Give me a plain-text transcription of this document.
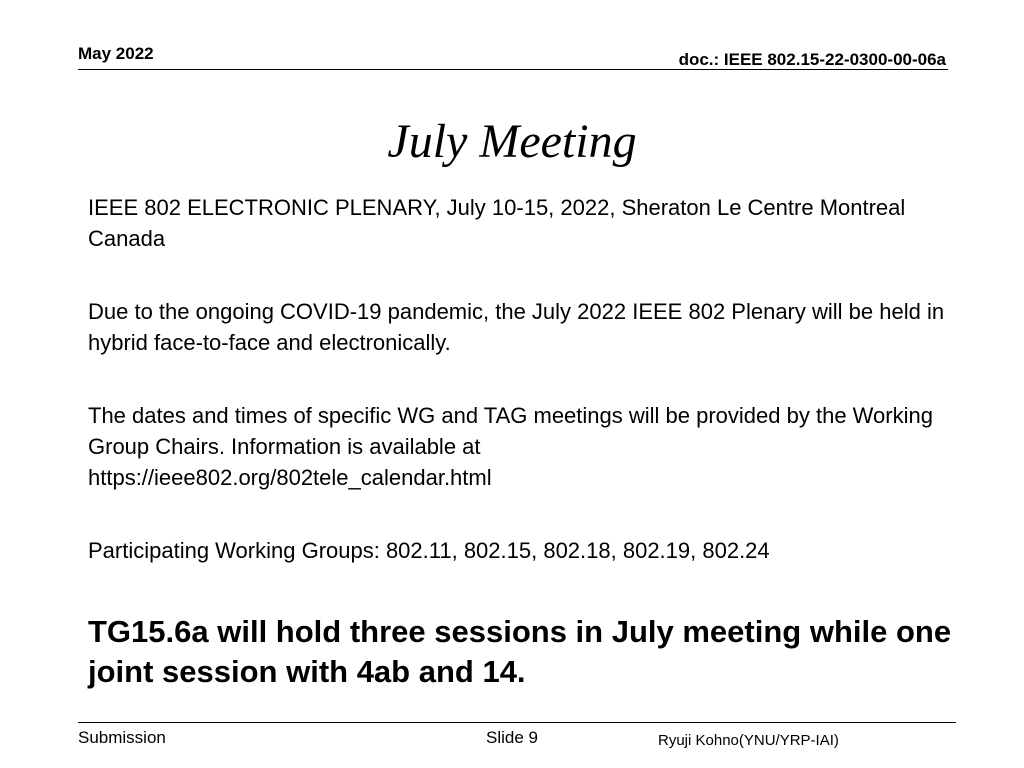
May 2022	doc.: IEEE 802.15-22-0300-00-06a
July Meeting
IEEE 802 ELECTRONIC PLENARY, July 10-15, 2022, Sheraton Le Centre Montreal Canada
Due to the ongoing COVID-19 pandemic, the July 2022 IEEE 802 Plenary will be held in hybrid face-to-face and electronically.
The dates and times of specific WG and TAG meetings will be provided by the Working Group Chairs. Information is available at
https://ieee802.org/802tele_calendar.html
Participating Working Groups: 802.11, 802.15, 802.18, 802.19, 802.24
TG15.6a will hold three sessions in July meeting while one joint session with 4ab and 14.
Submission	Slide 9	Ryuji Kohno(YNU/YRP-IAI)
